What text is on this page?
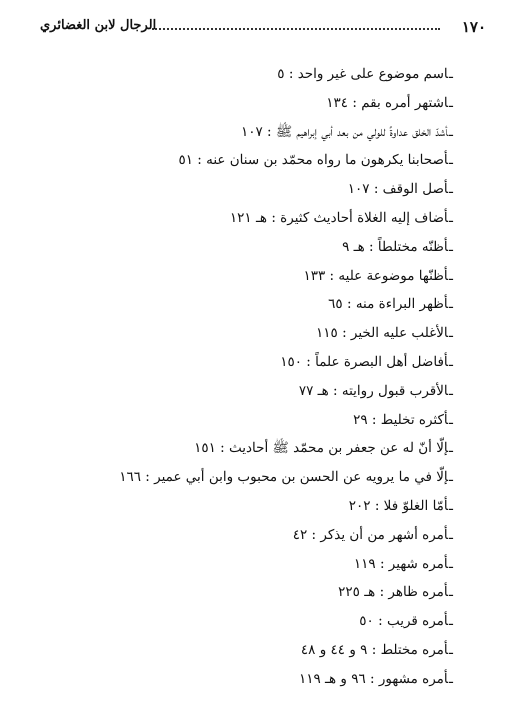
١٧٠
الرجال لابن الغضائري
ـاسم موضوع على غير واحد : ٥
ـاشتهر أمره بقم : ١٣٤
ـأشدّ الخلق عداوةً للولي من بعد أبي إبراهيم ﷺ : ١٠٧
ـأصحابنا يكرهون ما رواه محمّد بن سنان عنه : ٥١
ـأصل الوقف : ١٠٧
ـأضاف إليه الغلاة أحاديث كثيرة : هـ ١٢١
ـأظنّه مختلطاً : هـ ٩
ـأظنّها موضوعة عليه : ١٣٣
ـأظهر البراءة منه : ٦٥
ـالأغلب عليه الخير : ١١٥
ـأفاضل أهل البصرة علماً : ١٥٠
ـالأقرب قبول روايته : هـ ٧٧
ـأكثره تخليط : ٢٩
ـإلّا أنّ له عن جعفر بن محمّد ﷺ أحاديث : ١٥١
ـإلّا في ما يرويه عن الحسن بن محبوب وابن أبي عمير : ١٦٦
ـأمّا الغلوّ فلا : ٢٠٢
ـأمره أشهر من أن يذكر : ٤٢
ـأمره شهير : ١١٩
ـأمره ظاهر : هـ ٢٢٥
ـأمره قريب : ٥٠
ـأمره مختلط : ٩ و ٤٤ و ٤٨
ـأمره مشهور : ٩٦ و هـ ١١٩
